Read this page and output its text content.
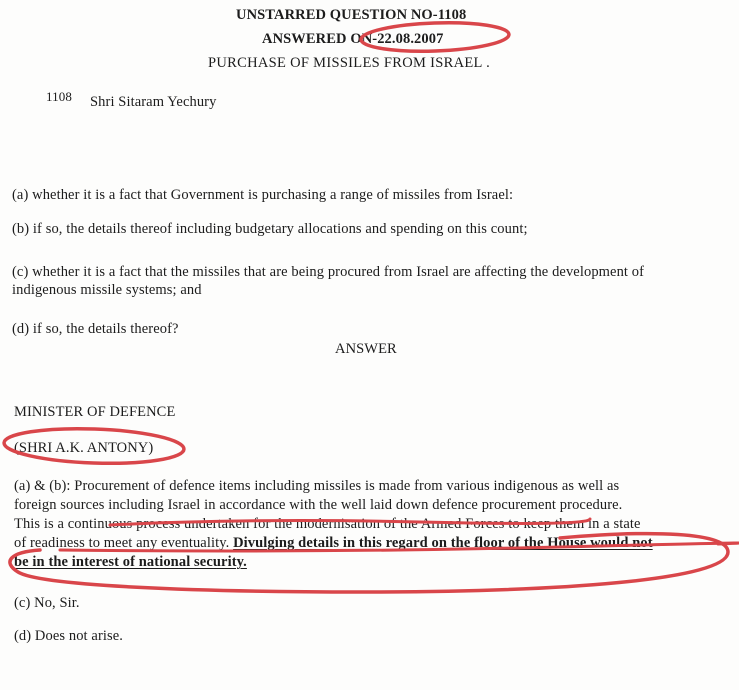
UNSTARRED QUESTION NO-1108
ANSWERED ON-22.08.2007
PURCHASE OF MISSILES FROM ISRAEL .
1108 Shri Sitaram Yechury
(a) whether it is a fact that Government is purchasing a range of missiles from Israel:
(b) if so, the details thereof including budgetary allocations and spending on this count;
(c) whether it is a fact that the missiles that are being procured from Israel are affecting the development of
indigenous missile systems; and
(d) if so, the details thereof?
ANSWER
MINISTER OF DEFENCE
(SHRI A.K. ANTONY)
(a) & (b): Procurement of defence items including missiles is made from various indigenous as well as
foreign sources including Israel in accordance with the well laid down defence procurement procedure.
This is a continuous process undertaken for the modernisation of the Armed Forces to keep them in a state
of readiness to meet any eventuality. Divulging details in this regard on the floor of the House would not
be in the interest of national security.
(c) No, Sir.
(d) Does not arise.
